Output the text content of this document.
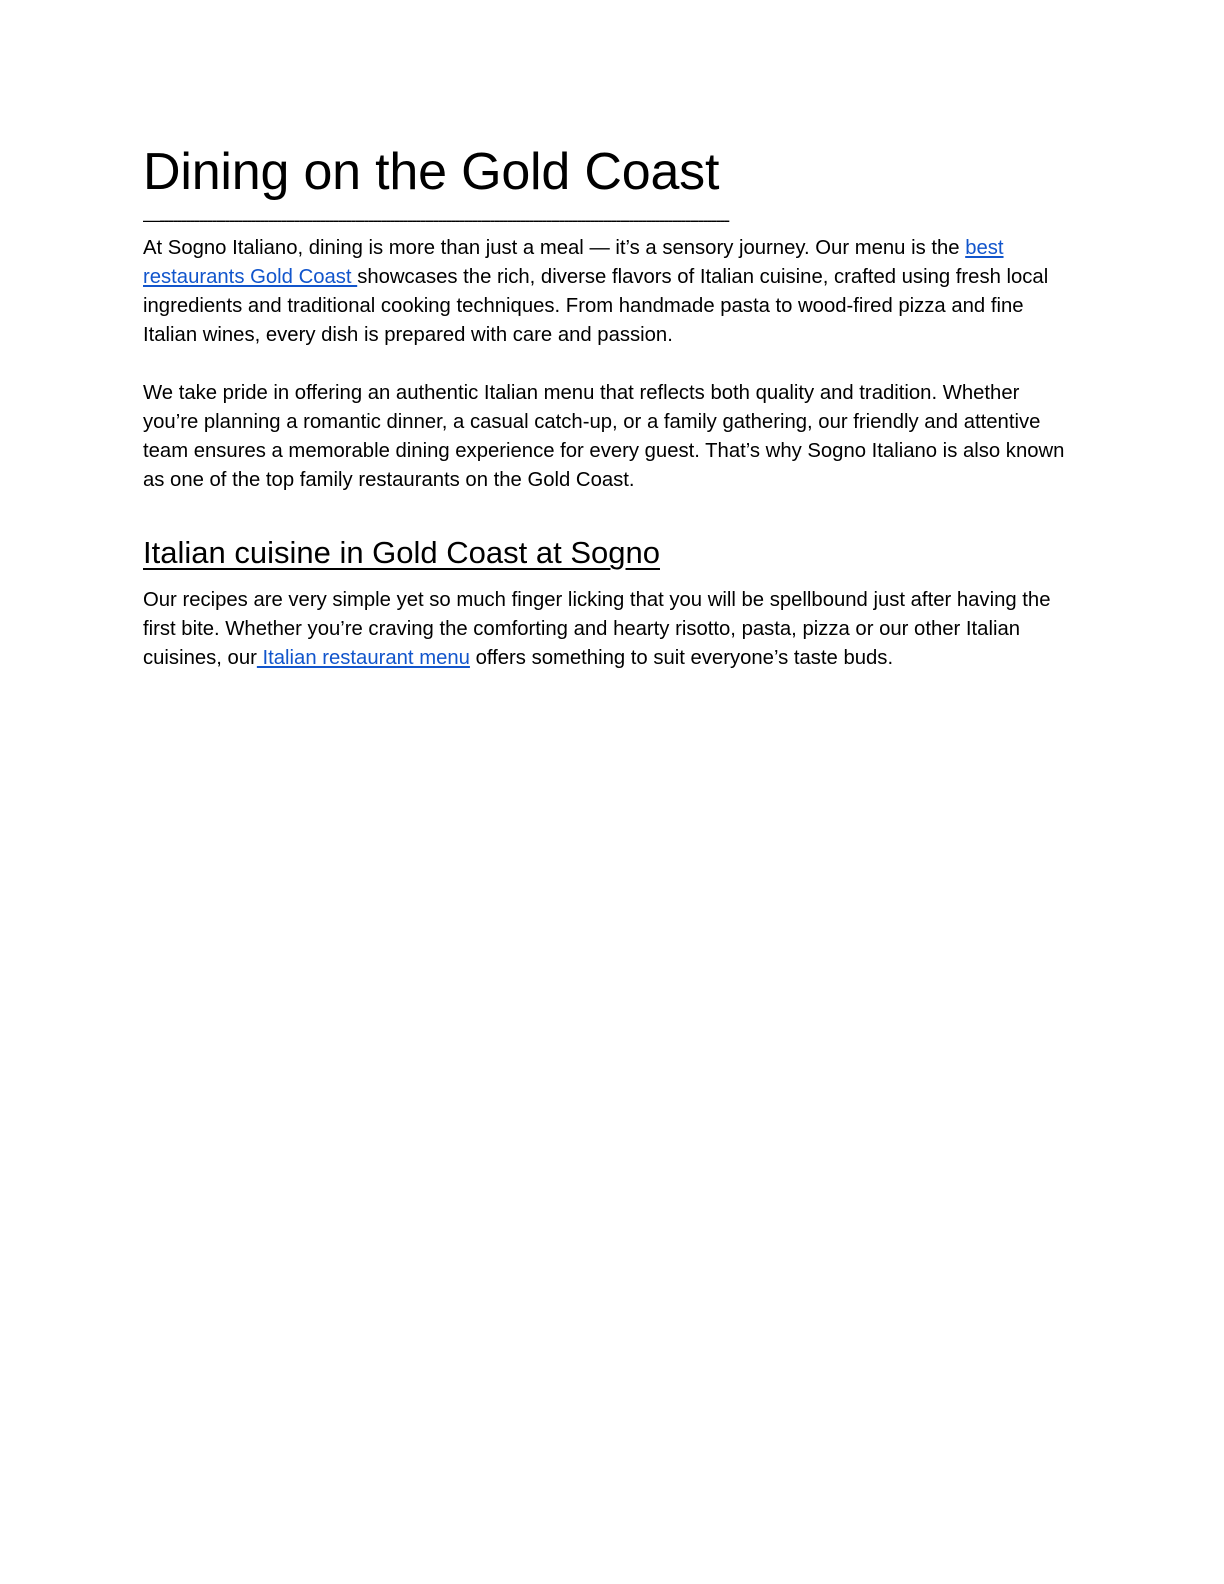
Dining on the Gold Coast
—-----------------------------------------------------------------------------------------------------------------------------------

At Sogno Italiano, dining is more than just a meal — it’s a sensory journey. Our menu is the best restaurants Gold Coast showcases the rich, diverse flavors of Italian cuisine, crafted using fresh local ingredients and traditional cooking techniques. From handmade pasta to wood-fired pizza and fine Italian wines, every dish is prepared with care and passion.

We take pride in offering an authentic Italian menu that reflects both quality and tradition. Whether you’re planning a romantic dinner, a casual catch-up, or a family gathering, our friendly and attentive team ensures a memorable dining experience for every guest. That’s why Sogno Italiano is also known as one of the top family restaurants on the Gold Coast.

Italian cuisine in Gold Coast at Sogno

Our recipes are very simple yet so much finger licking that you will be spellbound just after having the first bite. Whether you’re craving the comforting and hearty risotto, pasta, pizza or our other Italian cuisines, our Italian restaurant menu offers something to suit everyone’s taste buds.
